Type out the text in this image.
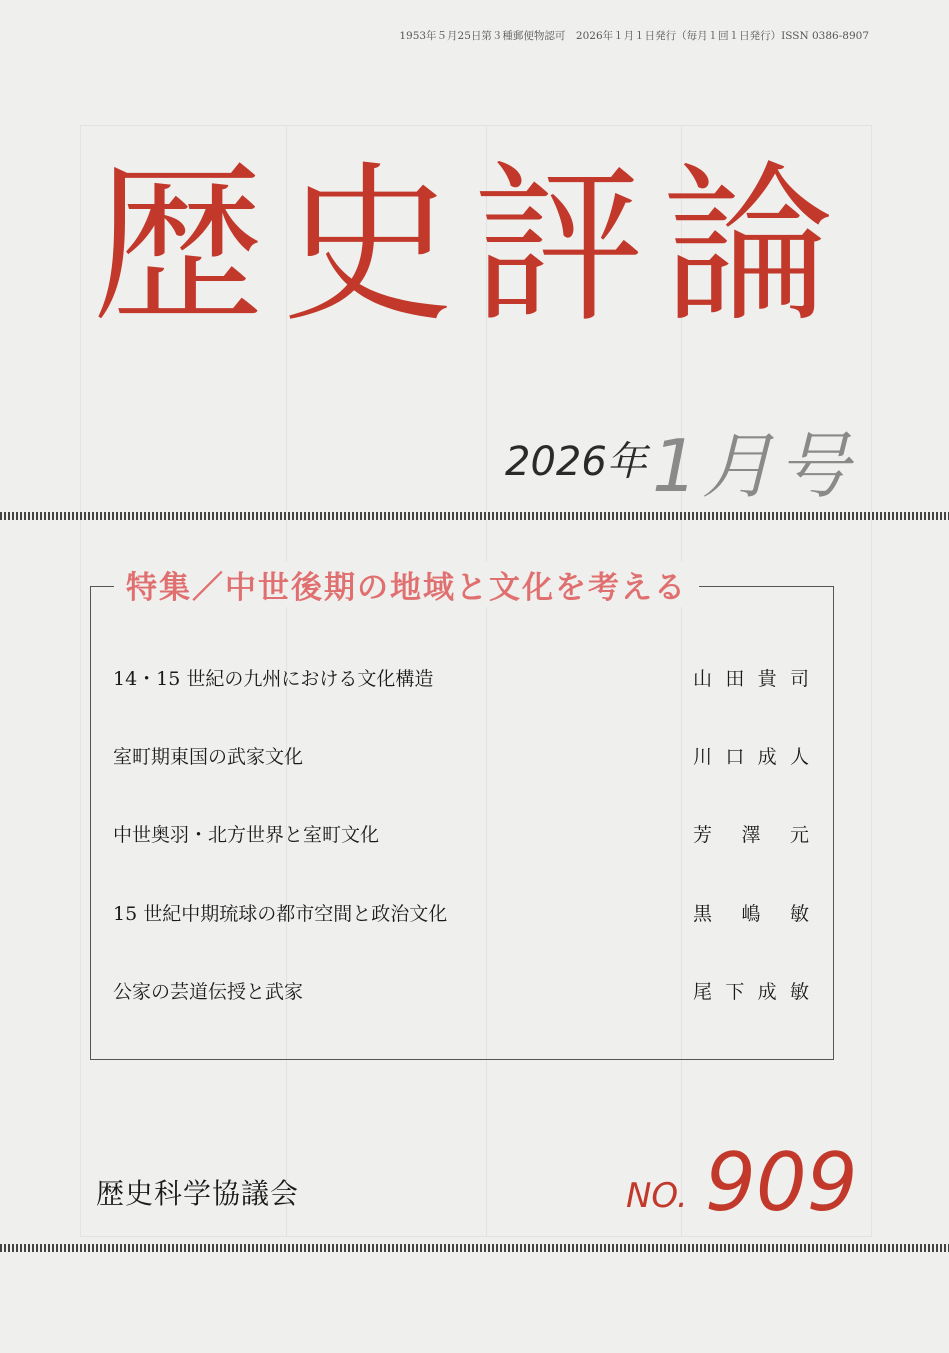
1953年５月25日第３種郵便物認可　2026年１月１日発行（毎月１回１日発行）ISSN 0386-8907
歴史評論
2026年 1月号
特集／中世後期の地域と文化を考える
14・15 世紀の九州における文化構造	山田貴司
室町期東国の武家文化	川口成人
中世奥羽・北方世界と室町文化	芳澤元
15 世紀中期琉球の都市空間と政治文化	黒嶋敏
公家の芸道伝授と武家	尾下成敏
歴史科学協議会	NO. 909
